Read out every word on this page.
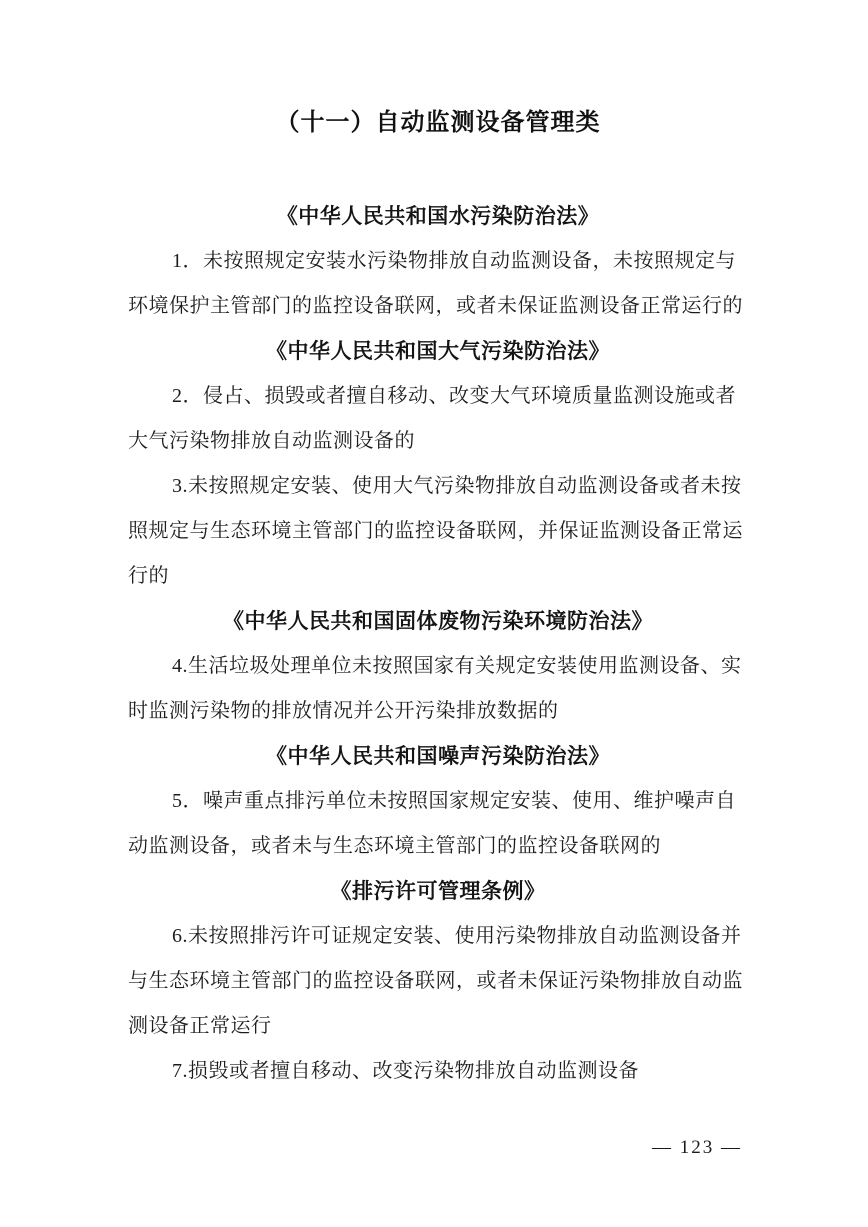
（十一）自动监测设备管理类
《中华人民共和国水污染防治法》
1．未按照规定安装水污染物排放自动监测设备，未按照规定与
环境保护主管部门的监控设备联网，或者未保证监测设备正常运行的
《中华人民共和国大气污染防治法》
2．侵占、损毁或者擅自移动、改变大气环境质量监测设施或者
大气污染物排放自动监测设备的
3.未按照规定安装、使用大气污染物排放自动监测设备或者未按
照规定与生态环境主管部门的监控设备联网，并保证监测设备正常运
行的
《中华人民共和国固体废物污染环境防治法》
4.生活垃圾处理单位未按照国家有关规定安装使用监测设备、实
时监测污染物的排放情况并公开污染排放数据的
《中华人民共和国噪声污染防治法》
5．噪声重点排污单位未按照国家规定安装、使用、维护噪声自
动监测设备，或者未与生态环境主管部门的监控设备联网的
《排污许可管理条例》
6.未按照排污许可证规定安装、使用污染物排放自动监测设备并
与生态环境主管部门的监控设备联网，或者未保证污染物排放自动监
测设备正常运行
7.损毁或者擅自移动、改变污染物排放自动监测设备
— 123 —
